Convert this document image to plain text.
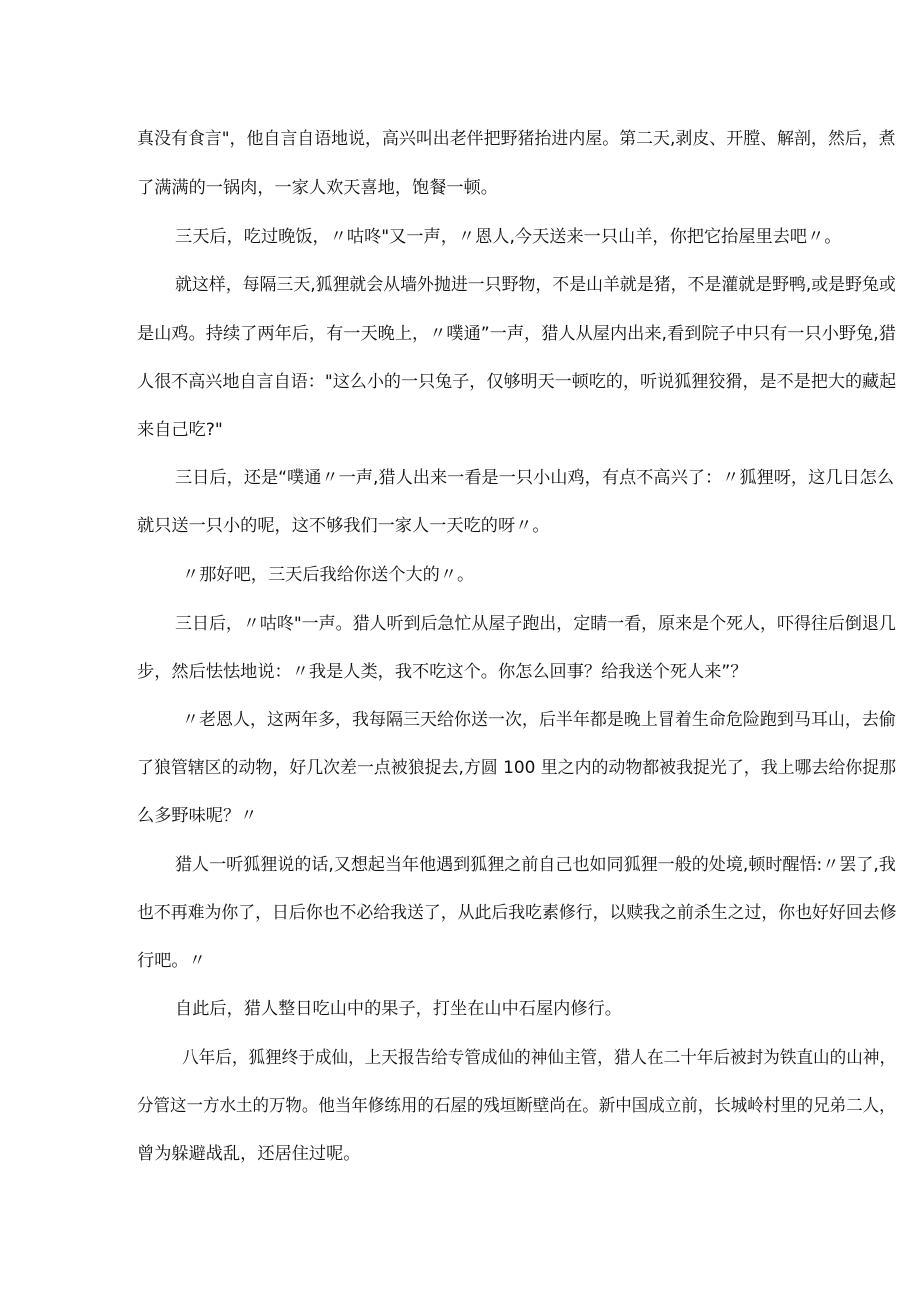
真没有食言"，他自言自语地说，高兴叫出老伴把野猪抬进内屋。第二天,剥皮、开膛、解剖，然后，煮
了满满的一锅肉，一家人欢天喜地，饱餐一顿。
三天后，吃过晚饭，〃咕咚"又一声，〃恩人,今天送来一只山羊，你把它抬屋里去吧〃。
就这样，每隔三天,狐狸就会从墙外抛进一只野物，不是山羊就是猪，不是灌就是野鸭,或是野兔或
是山鸡。持续了两年后，有一天晚上，〃噗通”一声，猎人从屋内出来,看到院子中只有一只小野兔,猎
人很不高兴地自言自语："这么小的一只兔子，仅够明天一顿吃的，听说狐狸狡猾，是不是把大的藏起
来自己吃?"
三日后，还是“噗通〃一声,猎人出来一看是一只小山鸡，有点不高兴了：〃狐狸呀，这几日怎么
就只送一只小的呢，这不够我们一家人一天吃的呀〃。
〃那好吧，三天后我给你送个大的〃。
三日后，〃咕咚"一声。猎人听到后急忙从屋子跑出，定睛一看，原来是个死人，吓得往后倒退几
步，然后怯怯地说：〃我是人类，我不吃这个。你怎么回事？给我送个死人来”？
〃老恩人，这两年多，我每隔三天给你送一次，后半年都是晚上冒着生命危险跑到马耳山，去偷
了狼管辖区的动物，好几次差一点被狼捉去,方圆 100 里之内的动物都被我捉光了，我上哪去给你捉那
么多野味呢？〃
猎人一听狐狸说的话,又想起当年他遇到狐狸之前自己也如同狐狸一般的处境,顿时醒悟:〃罢了,我
也不再难为你了，日后你也不必给我送了，从此后我吃素修行，以赎我之前杀生之过，你也好好回去修
行吧。〃
自此后，猎人整日吃山中的果子，打坐在山中石屋内修行。
八年后，狐狸终于成仙，上天报告给专管成仙的神仙主管，猎人在二十年后被封为铁直山的山神，
分管这一方水土的万物。他当年修练用的石屋的残垣断壁尚在。新中国成立前，长城岭村里的兄弟二人，
曾为躲避战乱，还居住过呢。
